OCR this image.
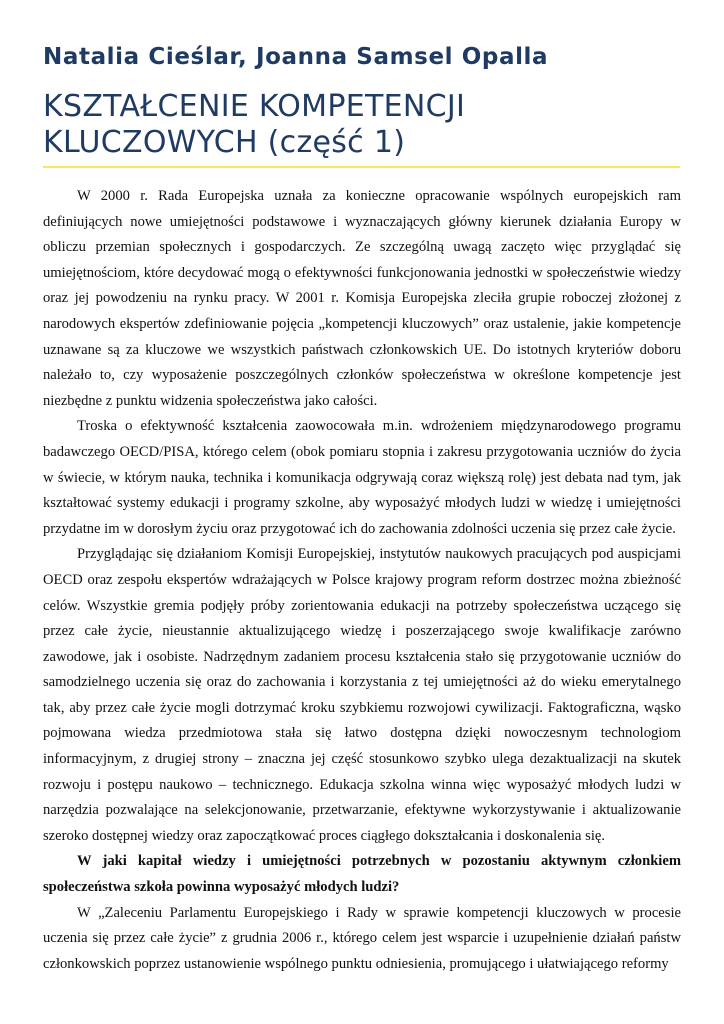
Natalia Cieślar, Joanna Samsel Opalla
KSZTAŁCENIE KOMPETENCJI
KLUCZOWYCH (część 1)

W 2000 r. Rada Europejska uznała za konieczne opracowanie wspólnych europejskich ram definiujących nowe umiejętności podstawowe i wyznaczających główny kierunek działania Europy w obliczu przemian społecznych i gospodarczych. Ze szczególną uwagą zaczęto więc przyglądać się umiejętnościom, które decydować mogą o efektywności funkcjonowania jednostki w społeczeństwie wiedzy oraz jej powodzeniu na rynku pracy. W 2001 r. Komisja Europejska zleciła grupie roboczej złożonej z narodowych ekspertów zdefiniowanie pojęcia „kompetencji kluczowych” oraz ustalenie, jakie kompetencje uznawane są za kluczowe we wszystkich państwach członkowskich UE. Do istotnych kryteriów doboru należało to, czy wyposażenie poszczególnych członków społeczeństwa w określone kompetencje jest niezbędne z punktu widzenia społeczeństwa jako całości.

Troska o efektywność kształcenia zaowocowała m.in. wdrożeniem międzynarodowego programu badawczego OECD/PISA, którego celem (obok pomiaru stopnia i zakresu przygotowania uczniów do życia w świecie, w którym nauka, technika i komunikacja odgrywają coraz większą rolę) jest debata nad tym, jak kształtować systemy edukacji i programy szkolne, aby wyposażyć młodych ludzi w wiedzę i umiejętności przydatne im w dorosłym życiu oraz przygotować ich do zachowania zdolności uczenia się przez całe życie.

Przyglądając się działaniom Komisji Europejskiej, instytutów naukowych pracujących pod auspicjami OECD oraz zespołu ekspertów wdrażających w Polsce krajowy program reform dostrzec można zbieżność celów. Wszystkie gremia podjęły próby zorientowania edukacji na potrzeby społeczeństwa uczącego się przez całe życie, nieustannie aktualizującego wiedzę i poszerzającego swoje kwalifikacje zarówno zawodowe, jak i osobiste. Nadrzędnym zadaniem procesu kształcenia stało się przygotowanie uczniów do samodzielnego uczenia się oraz do zachowania i korzystania z tej umiejętności aż do wieku emerytalnego tak, aby przez całe życie mogli dotrzymać kroku szybkiemu rozwojowi cywilizacji. Faktograficzna, wąsko pojmowana wiedza przedmiotowa stała się łatwo dostępna dzięki nowoczesnym technologiom informacyjnym, z drugiej strony – znaczna jej część stosunkowo szybko ulega dezaktualizacji na skutek rozwoju i postępu naukowo – technicznego. Edukacja szkolna winna więc wyposażyć młodych ludzi w narzędzia pozwalające na selekcjonowanie, przetwarzanie, efektywne wykorzystywanie i aktualizowanie szeroko dostępnej wiedzy oraz zapoczątkować proces ciągłego dokształcania i doskonalenia się.

W jaki kapitał wiedzy i umiejętności potrzebnych w pozostaniu aktywnym członkiem społeczeństwa szkoła powinna wyposażyć młodych ludzi?

W „Zaleceniu Parlamentu Europejskiego i Rady w sprawie kompetencji kluczowych w procesie uczenia się przez całe życie” z grudnia 2006 r., którego celem jest wsparcie i uzupełnienie działań państw członkowskich poprzez ustanowienie wspólnego punktu odniesienia, promującego i ułatwiającego reformy
